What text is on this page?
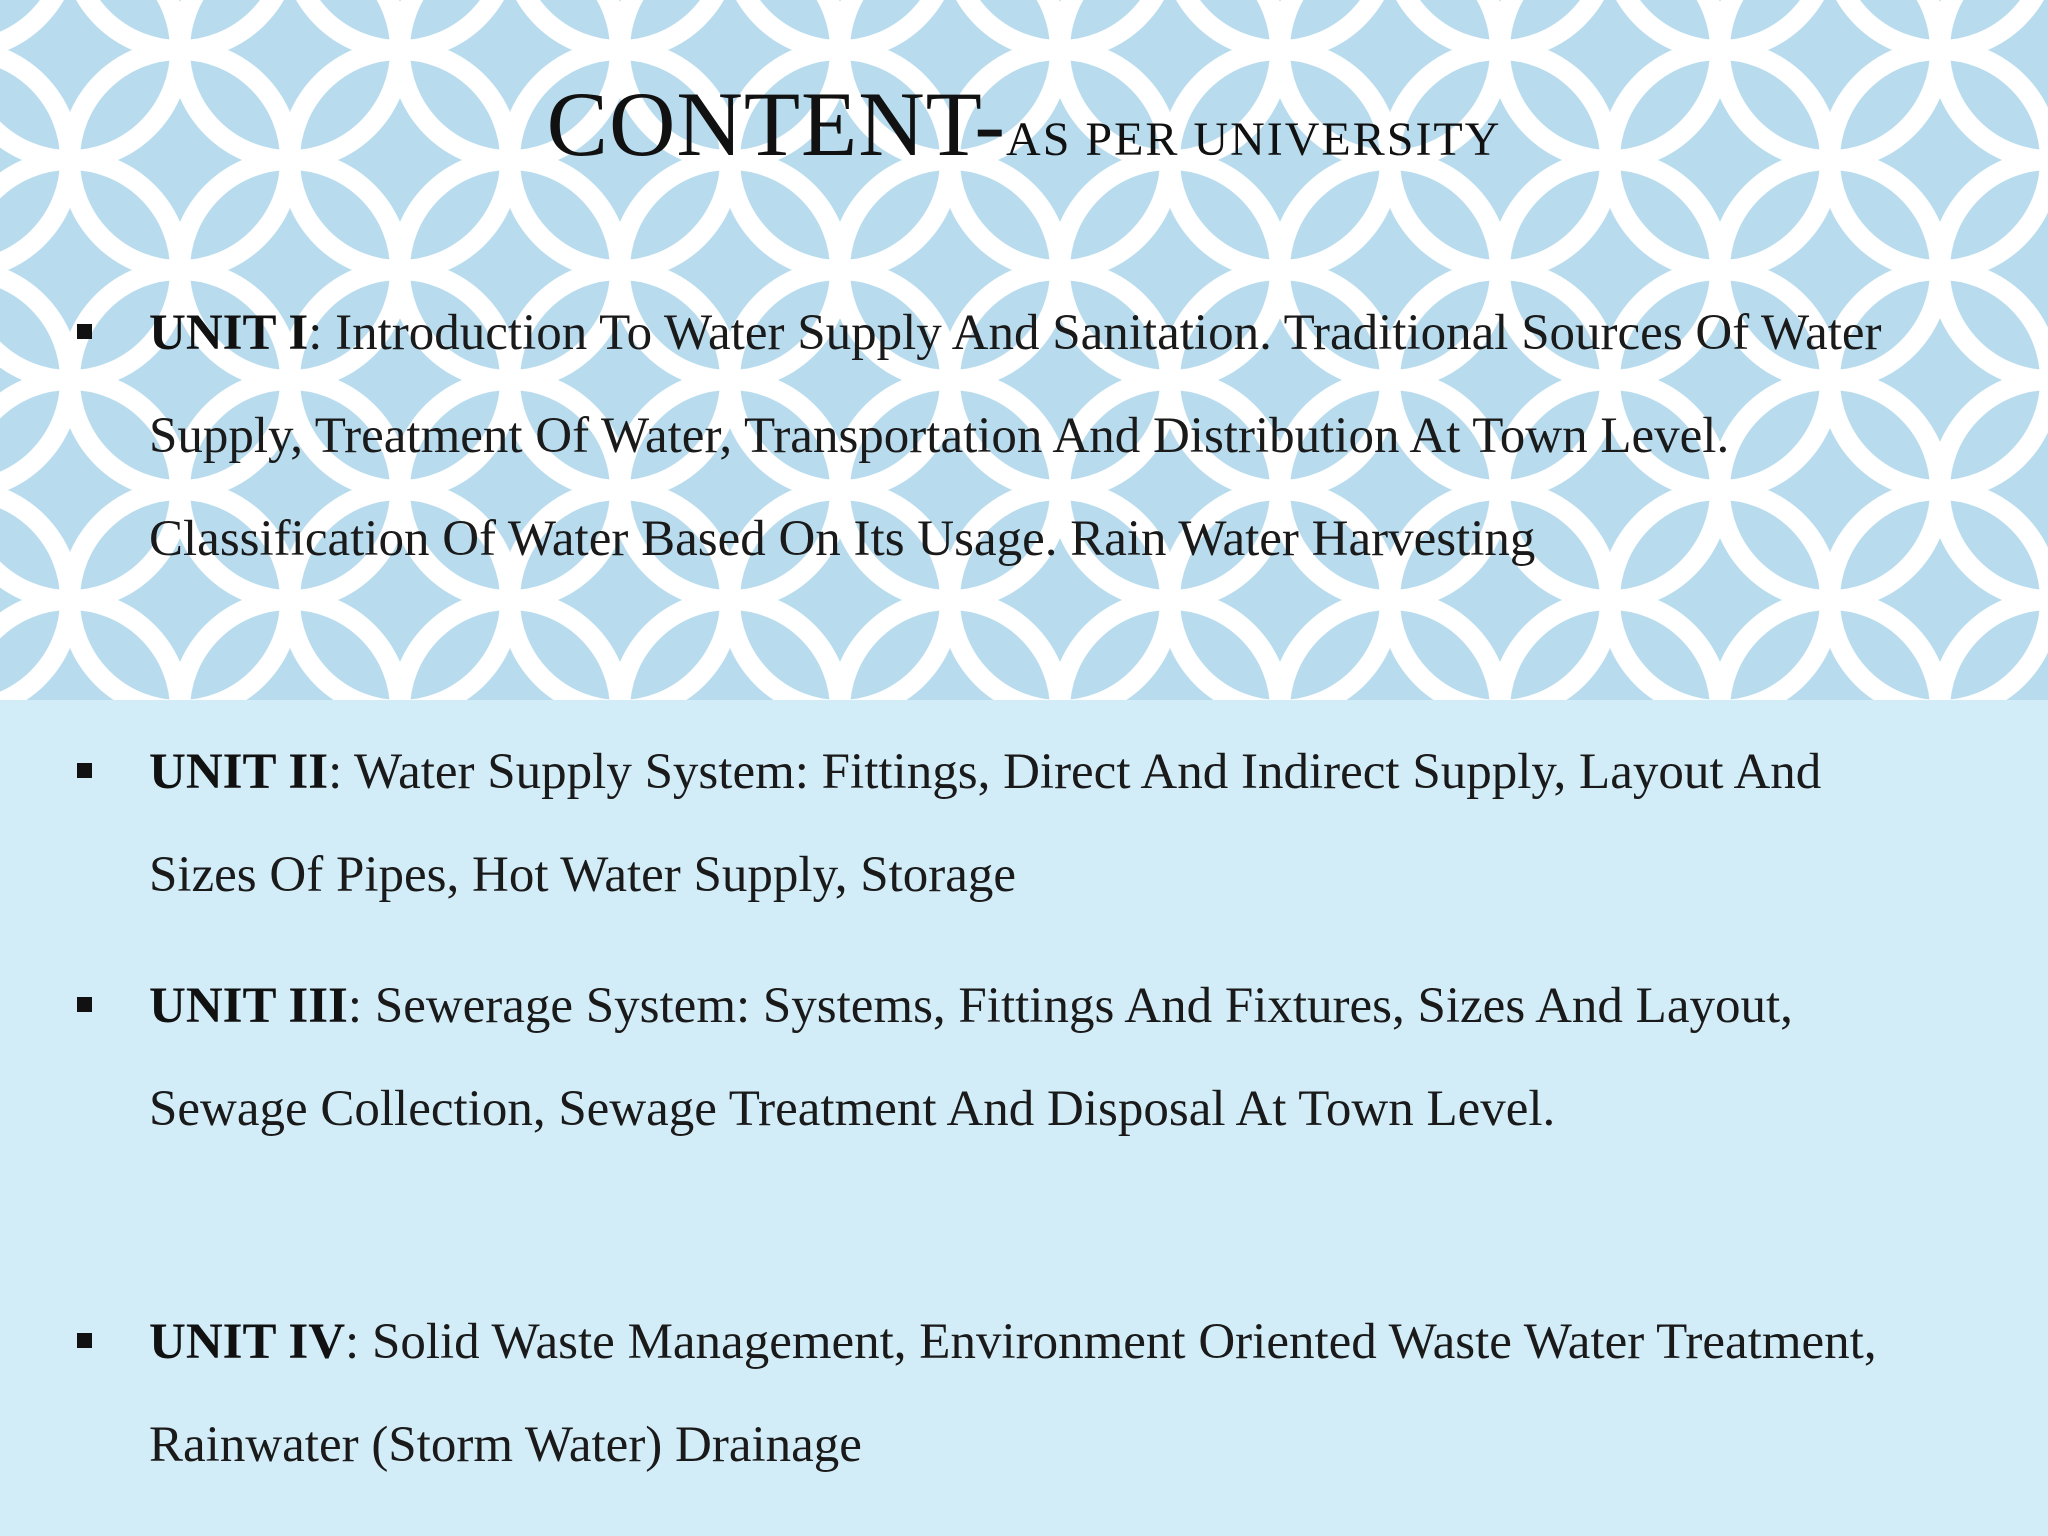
CONTENT-AS PER UNIVERSITY
UNIT I: Introduction To Water Supply And Sanitation. Traditional Sources Of Water Supply, Treatment Of Water, Transportation And Distribution At Town Level. Classification Of Water Based On Its Usage. Rain Water Harvesting
UNIT II: Water Supply System: Fittings, Direct And Indirect Supply, Layout And Sizes Of Pipes, Hot Water Supply, Storage
UNIT III: Sewerage System: Systems, Fittings And Fixtures, Sizes And Layout, Sewage Collection, Sewage Treatment And Disposal At Town Level.
UNIT IV: Solid Waste Management, Environment Oriented Waste Water Treatment, Rainwater (Storm Water) Drainage
